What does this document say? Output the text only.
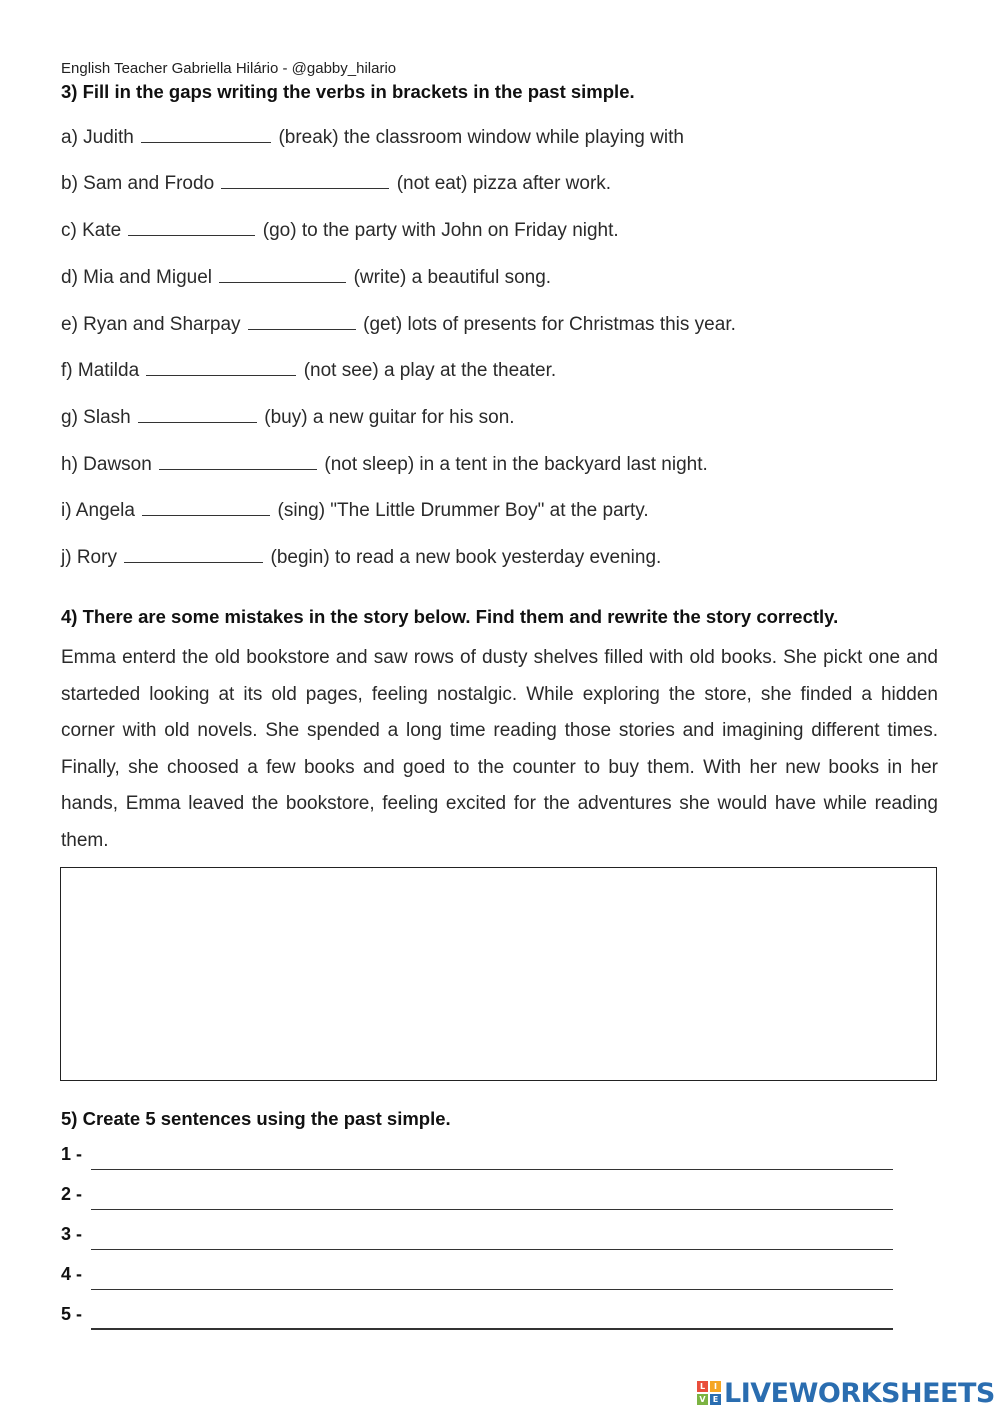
English Teacher Gabriella Hilário - @gabby_hilario
3) Fill in the gaps writing the verbs in brackets in the past simple.
a) Judith	(break) the classroom window while playing with
b) Sam and Frodo	(not eat) pizza after work.
c) Kate	(go) to the party with John on Friday night.
d) Mia and Miguel	(write) a beautiful song.
e) Ryan and Sharpay	(get) lots of presents for Christmas this year.
f) Matilda	(not see) a play at the theater.
g) Slash	(buy) a new guitar for his son.
h) Dawson	(not sleep) in a tent in the backyard last night.
i) Angela	(sing) "The Little Drummer Boy" at the party.
j) Rory	(begin) to read a new book yesterday evening.
4) There are some mistakes in the story below. Find them and rewrite the story correctly.
Emma enterd the old bookstore and saw rows of dusty shelves filled with old books. She pickt one and starteded looking at its old pages, feeling nostalgic. While exploring the store, she finded a hidden corner with old novels. She spended a long time reading those stories and imagining different times. Finally, she choosed a few books and goed to the counter to buy them. With her new books in her hands, Emma leaved the bookstore, feeling excited for the adventures she would have while reading them.
5) Create 5 sentences using the past simple.
1 -
2 -
3 -
4 -
5 -
L	I
V E LIVEWORKSHEETS
